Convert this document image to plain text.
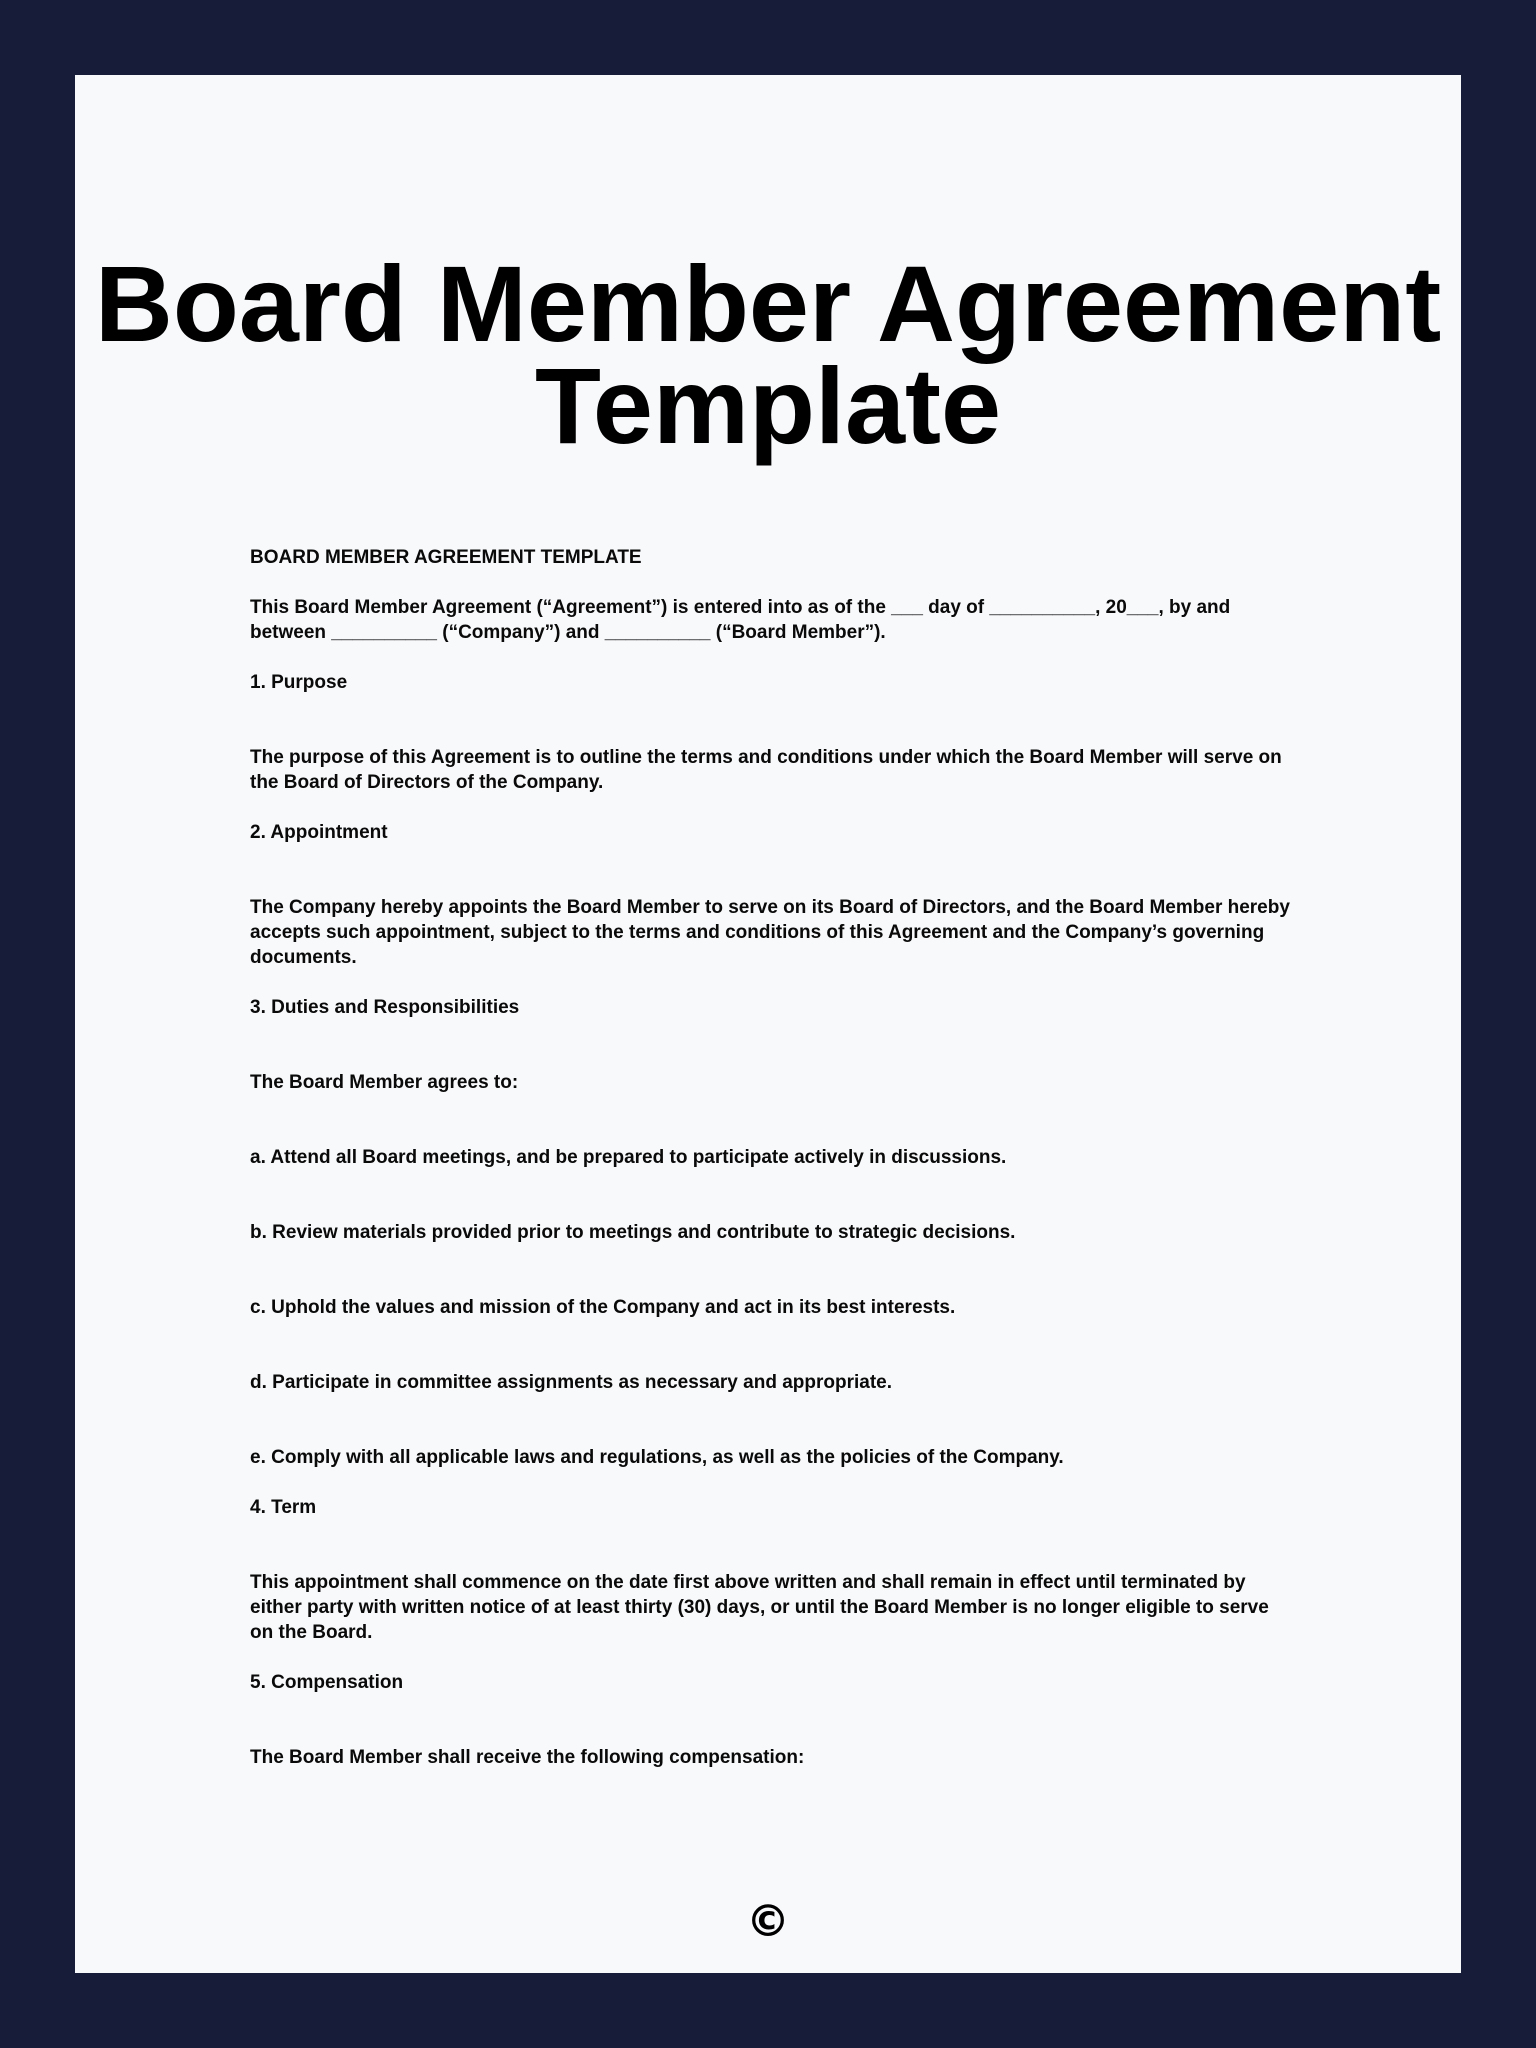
Board Member Agreement Template

BOARD MEMBER AGREEMENT TEMPLATE

This Board Member Agreement (“Agreement”) is entered into as of the ___ day of __________, 20___, by and between __________ (“Company”) and __________ (“Board Member”).

1. Purpose

The purpose of this Agreement is to outline the terms and conditions under which the Board Member will serve on the Board of Directors of the Company.

2. Appointment

The Company hereby appoints the Board Member to serve on its Board of Directors, and the Board Member hereby accepts such appointment, subject to the terms and conditions of this Agreement and the Company’s governing documents.

3. Duties and Responsibilities

The Board Member agrees to:

a. Attend all Board meetings, and be prepared to participate actively in discussions.

b. Review materials provided prior to meetings and contribute to strategic decisions.

c. Uphold the values and mission of the Company and act in its best interests.

d. Participate in committee assignments as necessary and appropriate.

e. Comply with all applicable laws and regulations, as well as the policies of the Company.

4. Term

This appointment shall commence on the date first above written and shall remain in effect until terminated by either party with written notice of at least thirty (30) days, or until the Board Member is no longer eligible to serve on the Board.

5. Compensation

The Board Member shall receive the following compensation:

©
